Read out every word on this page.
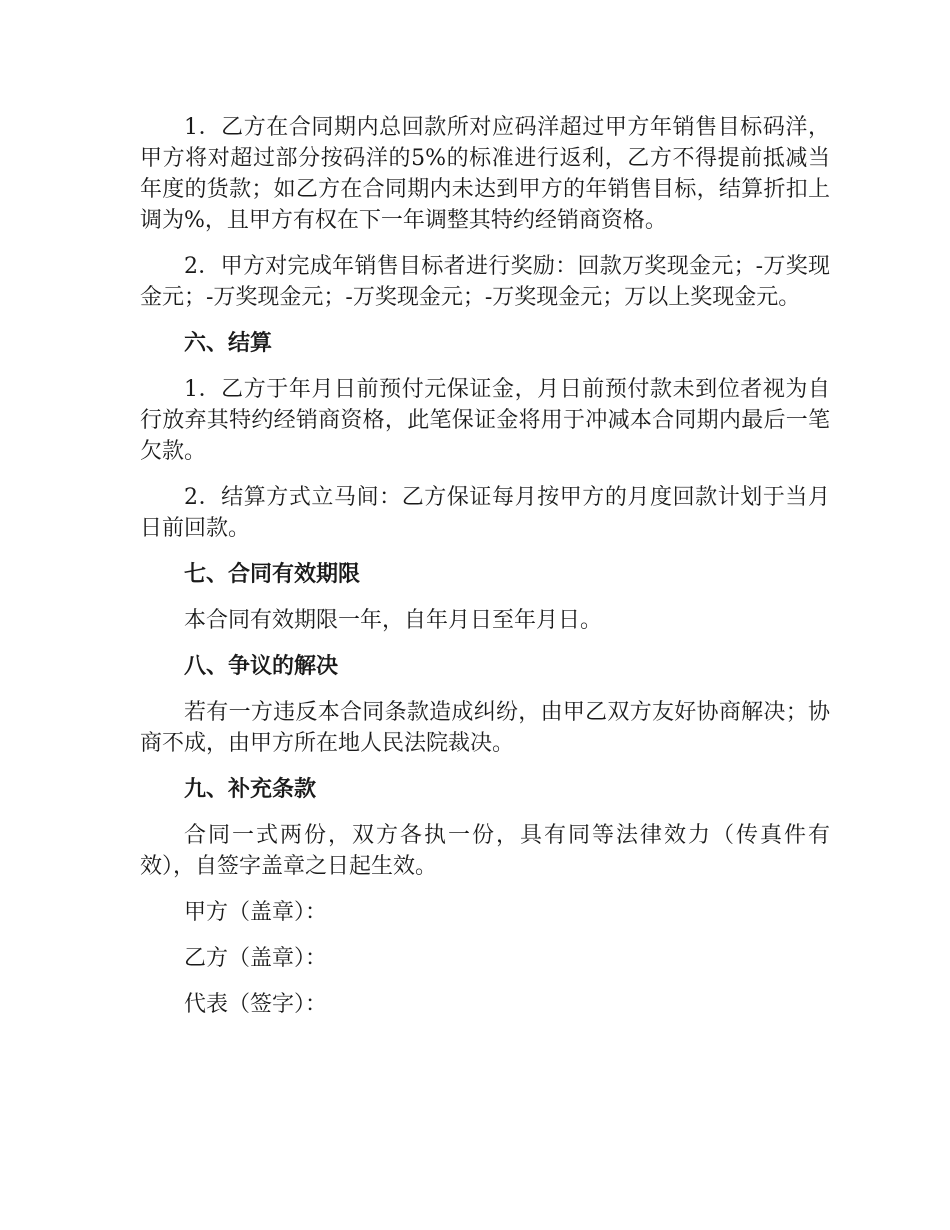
1．乙方在合同期内总回款所对应码洋超过甲方年销售目标码洋，甲方将对超过部分按码洋的5%的标准进行返利，乙方不得提前抵减当年度的货款；如乙方在合同期内未达到甲方的年销售目标，结算折扣上调为%，且甲方有权在下一年调整其特约经销商资格。

2．甲方对完成年销售目标者进行奖励：回款万奖现金元；-万奖现金元；-万奖现金元；-万奖现金元；-万奖现金元；万以上奖现金元。

六、结算

1．乙方于年月日前预付元保证金，月日前预付款未到位者视为自行放弃其特约经销商资格，此笔保证金将用于冲减本合同期内最后一笔欠款。

2．结算方式立马间：乙方保证每月按甲方的月度回款计划于当月日前回款。

七、合同有效期限

本合同有效期限一年，自年月日至年月日。

八、争议的解决

若有一方违反本合同条款造成纠纷，由甲乙双方友好协商解决；协商不成，由甲方所在地人民法院裁决。

九、补充条款

合同一式两份，双方各执一份，具有同等法律效力（传真件有效），自签字盖章之日起生效。

甲方（盖章）：

乙方（盖章）：

代表（签字）：
